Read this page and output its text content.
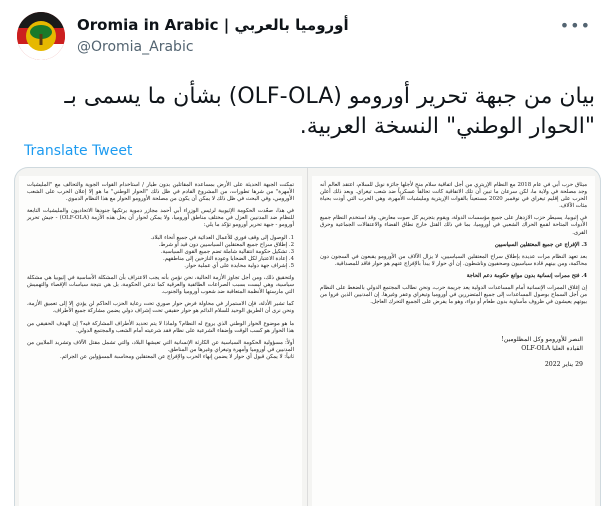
Oromia in Arabic | أوروميا بالعربي
@Oromia_Arabic
•••
بيان من جبهة تحرير أورومو (OLF-OLA) بشأن ما يسمى بـ "الحوار الوطني" النسخة العربية.
Translate Tweet

تمكنت الجبهة الحديثة على الأرض بمساعدة المقاتلين بدون طيار / استاخدام القوات الجوية والتحالف مع "المليشيات الأمهرة" من شرها تطورات، من المشروع القادم في ظل ذلك "الحوار الوطني" ما هو إلا إعلان الحرب على الشعب الأورومي، وفي البحث في ظل ذلك لا يمكن أن يكون من مصلحة الأورومو الحوار مع هذا النظام الدموي.

في هذا، صعّدت الحكومة الإثيوبية لرئيس الوزراء أبي أحمد مجازر دموية يرتكبها جنودها الاتحاديون والمليشيات التابعة للنظام ضد المدنيين العزل في مختلف مناطق أوروميا، ولا يمكن لحوار أن يحل هذه الأزمة (OLF-OLA) - جيش تحرير أورومو - جبهة تحرير أورومو تؤكد ما يلي:

1. الوصول إلى وقف فوري للأعمال العدائية في جميع أنحاء البلاد.
2. إطلاق سراح جميع المعتقلين السياسيين دون قيد أو شرط.
3. تشكيل حكومة انتقالية شاملة تضم جميع القوى السياسية.
4. إعادة الاعتبار لكل الضحايا وعودة النازحين إلى مناطقهم.
5. إشراف جهة دولية محايدة على أي عملية حوار.

ولتحقيق ذلك، ومن أجل تجاوز الأزمة الحالية، نحن نؤمن بأنه يجب الاعتراف بأن المشكلة الأساسية في إثيوبيا هي مشكلة سياسية، وهي ليست بسبب الصراعات الطائفية والعرقية كما تدعي الحكومة، بل هي نتيجة سياسات الإقصاء والتهميش التي مارستها الأنظمة المتعاقبة ضد شعوب أوروميا والجنوب.

كما تشير الأدلة، فإن الاستمرار في محاولة فرض حوار صوري تحت رعاية الحزب الحاكم لن يؤدي إلا إلى تعميق الأزمة، ونحن نرى أن الطريق الوحيد للسلام الدائم هو حوار حقيقي تحت إشراف دولي يضمن مشاركة جميع الأطراف.

ما هو موضوع الحوار الوطني الذي يروج له النظام؟ ولماذا لا يتم تحديد الأطراف المشاركة فيه؟ إن الهدف الحقيقي من هذا الحوار هو كسب الوقت وإضفاء الشرعية على نظام فقد شرعيته أمام الشعب والمجتمع الدولي.

أولاً: مسؤولية الحكومة السياسية عن الكارثة الإنسانية التي تعيشها البلاد، والتي تشمل مقتل الآلاف وتشريد الملايين من المدنيين في أوروميا وأمهرة وتيغراي وغيرها من المناطق.
ثانياً: لا يمكن قبول أي حوار لا يضمن إنهاء الحرب والإفراج عن المعتقلين ومحاسبة المسؤولين عن الجرائم.

ميثاق حرب أبي في عام 2018 مع النظام الإريتري من أجل اتفاقية سلام منح لأجلها جائزة نوبل للسلام، اعتقد العالم أنه وجد مصلحة في ولاية ما، لكن سرعان ما تبين أن تلك الاتفاقية كانت تحالفاً عسكرياً ضد شعب تيغراي. وبعد ذلك أعلن الحرب على إقليم تيغراي في نوفمبر 2020 مستعيناً بالقوات الإريترية ومليشيات الأمهرة، وهي الحرب التي أودت بحياة مئات الآلاف.

في إثيوبيا، يسيطر حزب الازدهار على جميع مؤسسات الدولة، ويقوم بتجريم كل صوت معارض. وقد استخدم النظام جميع الأدوات المتاحة لقمع الحراك الشعبي في أوروميا، بما في ذلك القتل خارج نطاق القضاء والاعتقالات الجماعية وحرق القرى.

3. الإفراج عن جميع المعتقلين السياسيين

بعد تعهد النظام مرات عديدة بإطلاق سراح المعتقلين السياسيين، لا يزال الآلاف من الأورومو يقبعون في السجون دون محاكمة، ومن بينهم قادة سياسيون وصحفيون وناشطون. إن أي حوار لا يبدأ بالإفراج عنهم هو حوار فاقد للمصداقية.

4. فتح ممرات إنسانية بدون موانع حكومة دعم الحاجة

إن إغلاق الممرات الإنسانية أمام المساعدات الدولية يعد جريمة حرب، ونحن نطالب المجتمع الدولي بالضغط على النظام من أجل السماح بوصول المساعدات إلى جميع المتضررين في أوروميا وتيغراي وعفر وغيرها. إن المدنيين الذين فروا من بيوتهم يعيشون في ظروف مأساوية بدون طعام أو دواء، وهو ما يفرض على الجميع التحرك العاجل.

النصر للأورومو وكل المظلومين!
القيادة العليا OLF-OLA
29 يناير 2022
